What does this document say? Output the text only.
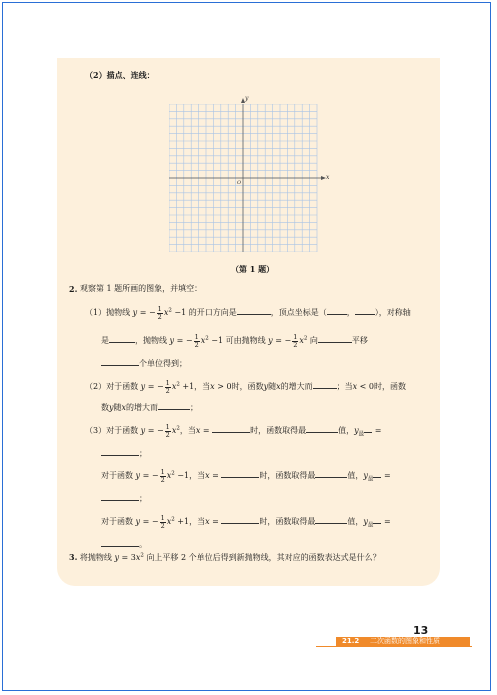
（2）描点、连线：
O
x
y
（第 1 题）
2. 观察第 1 题所画的图象，并填空：
（1）抛物线 y = − $\frac{1}{2} x^2 -1$ 的开口方向是	，顶点坐标是（	，	），对称轴
是	，抛物线 y = − $\frac{1}{2} x^2 -1$ 可由抛物线 y = − $\frac{1}{2} x^2$ 向	平移
个单位得到；
（2）对于函数 y = − $\frac{1}{2} x^2 +1$，当x > 0时，函数y随x的增大而	；当x < 0时，函数
数y随x的增大而	；
（3）对于函数 y = − $\frac{1}{2} x^2$，当x =	时，函数取得最	值，$y_最$ =
；
对于函数 y = − $\frac{1}{2} x^2 -1$，当x =	时，函数取得最	值，$y_最$ =
；
对于函数 y = − $\frac{1}{2} x^2 +1$，当x =	时，函数取得最	值，$y_最$ =
。
3. 将抛物线 $y = 3x^2$ 向上平移 2 个单位后得到新抛物线，其对应的函数表达式是什么？
13
21.2 二次函数的图象和性质
